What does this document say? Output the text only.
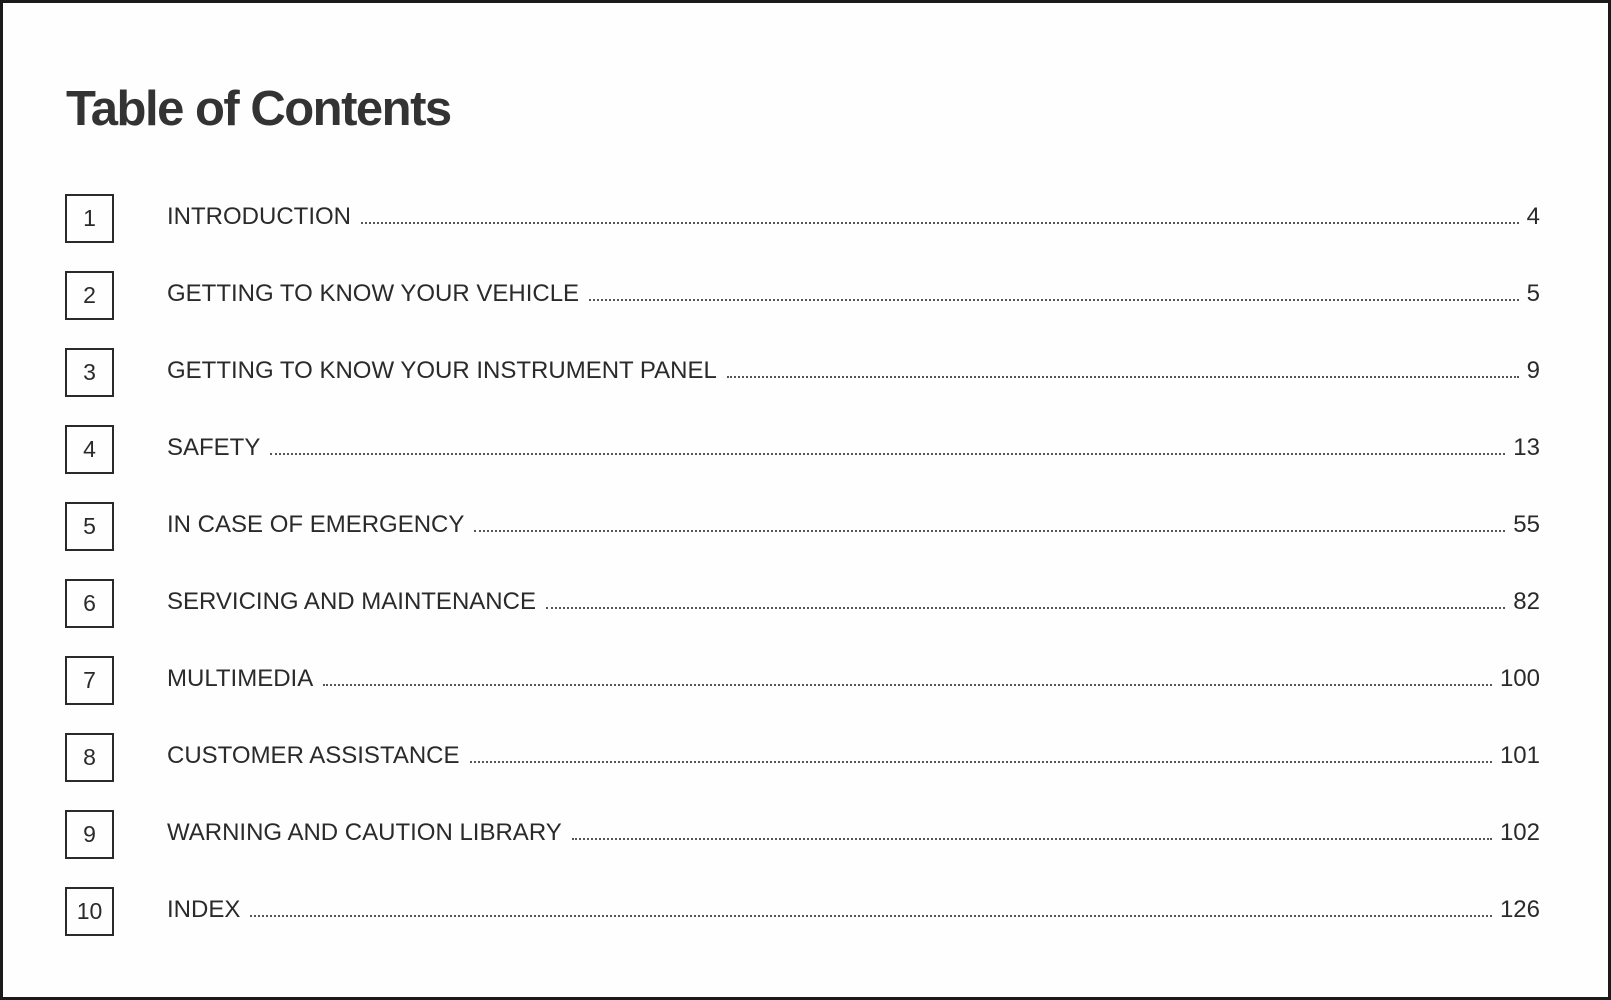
Table of Contents
1	INTRODUCTION	4
2	GETTING TO KNOW YOUR VEHICLE	5
3	GETTING TO KNOW YOUR INSTRUMENT PANEL	9
4	SAFETY	13
5	IN CASE OF EMERGENCY	55
6	SERVICING AND MAINTENANCE	82
7	MULTIMEDIA	100
8	CUSTOMER ASSISTANCE	101
9	WARNING AND CAUTION LIBRARY	102
10	INDEX	126
